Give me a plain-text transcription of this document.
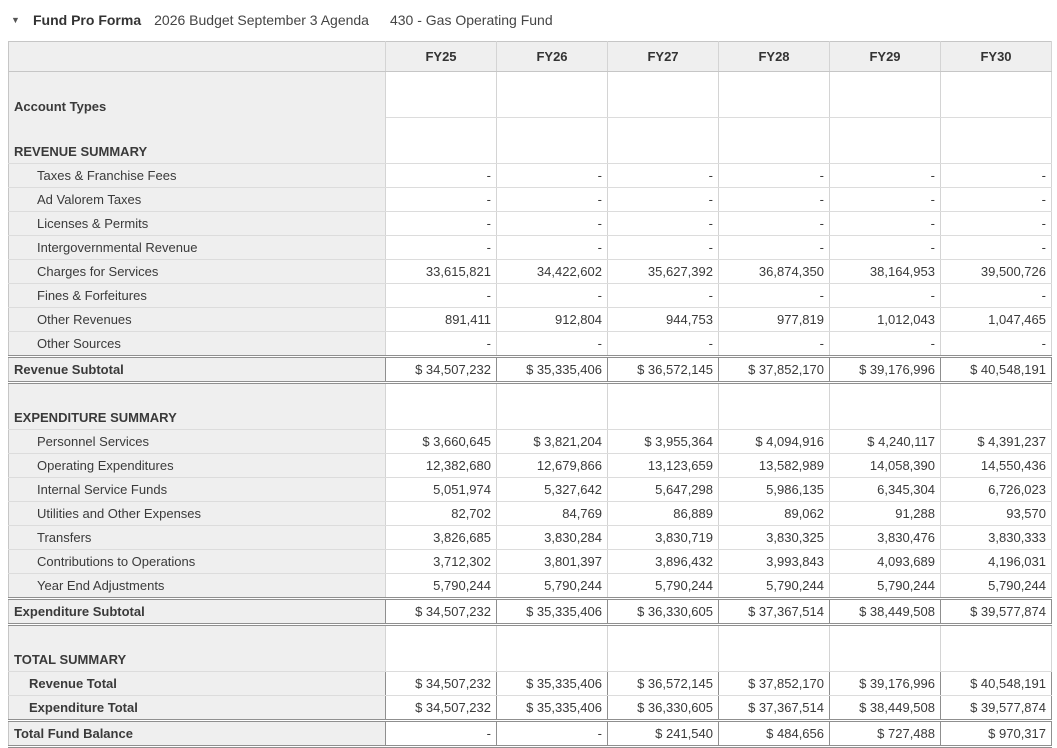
▼ Fund Pro Forma 2026 Budget September 3 Agenda 430 - Gas Operating Fund
	FY25	FY26	FY27	FY28	FY29	FY30
Account Types						
REVENUE SUMMARY						
Taxes & Franchise Fees	-	-	-	-	-	-
Ad Valorem Taxes	-	-	-	-	-	-
Licenses & Permits	-	-	-	-	-	-
Intergovernmental Revenue	-	-	-	-	-	-
Charges for Services	33,615,821	34,422,602	35,627,392	36,874,350	38,164,953	39,500,726
Fines & Forfeitures	-	-	-	-	-	-
Other Revenues	891,411	912,804	944,753	977,819	1,012,043	1,047,465
Other Sources	-	-	-	-	-	-
Revenue Subtotal	$ 34,507,232	$ 35,335,406	$ 36,572,145	$ 37,852,170	$ 39,176,996	$ 40,548,191
EXPENDITURE SUMMARY						
Personnel Services	$ 3,660,645	$ 3,821,204	$ 3,955,364	$ 4,094,916	$ 4,240,117	$ 4,391,237
Operating Expenditures	12,382,680	12,679,866	13,123,659	13,582,989	14,058,390	14,550,436
Internal Service Funds	5,051,974	5,327,642	5,647,298	5,986,135	6,345,304	6,726,023
Utilities and Other Expenses	82,702	84,769	86,889	89,062	91,288	93,570
Transfers	3,826,685	3,830,284	3,830,719	3,830,325	3,830,476	3,830,333
Contributions to Operations	3,712,302	3,801,397	3,896,432	3,993,843	4,093,689	4,196,031
Year End Adjustments	5,790,244	5,790,244	5,790,244	5,790,244	5,790,244	5,790,244
Expenditure Subtotal	$ 34,507,232	$ 35,335,406	$ 36,330,605	$ 37,367,514	$ 38,449,508	$ 39,577,874
TOTAL SUMMARY						
Revenue Total	$ 34,507,232	$ 35,335,406	$ 36,572,145	$ 37,852,170	$ 39,176,996	$ 40,548,191
Expenditure Total	$ 34,507,232	$ 35,335,406	$ 36,330,605	$ 37,367,514	$ 38,449,508	$ 39,577,874
Total Fund Balance	-	-	$ 241,540	$ 484,656	$ 727,488	$ 970,317
